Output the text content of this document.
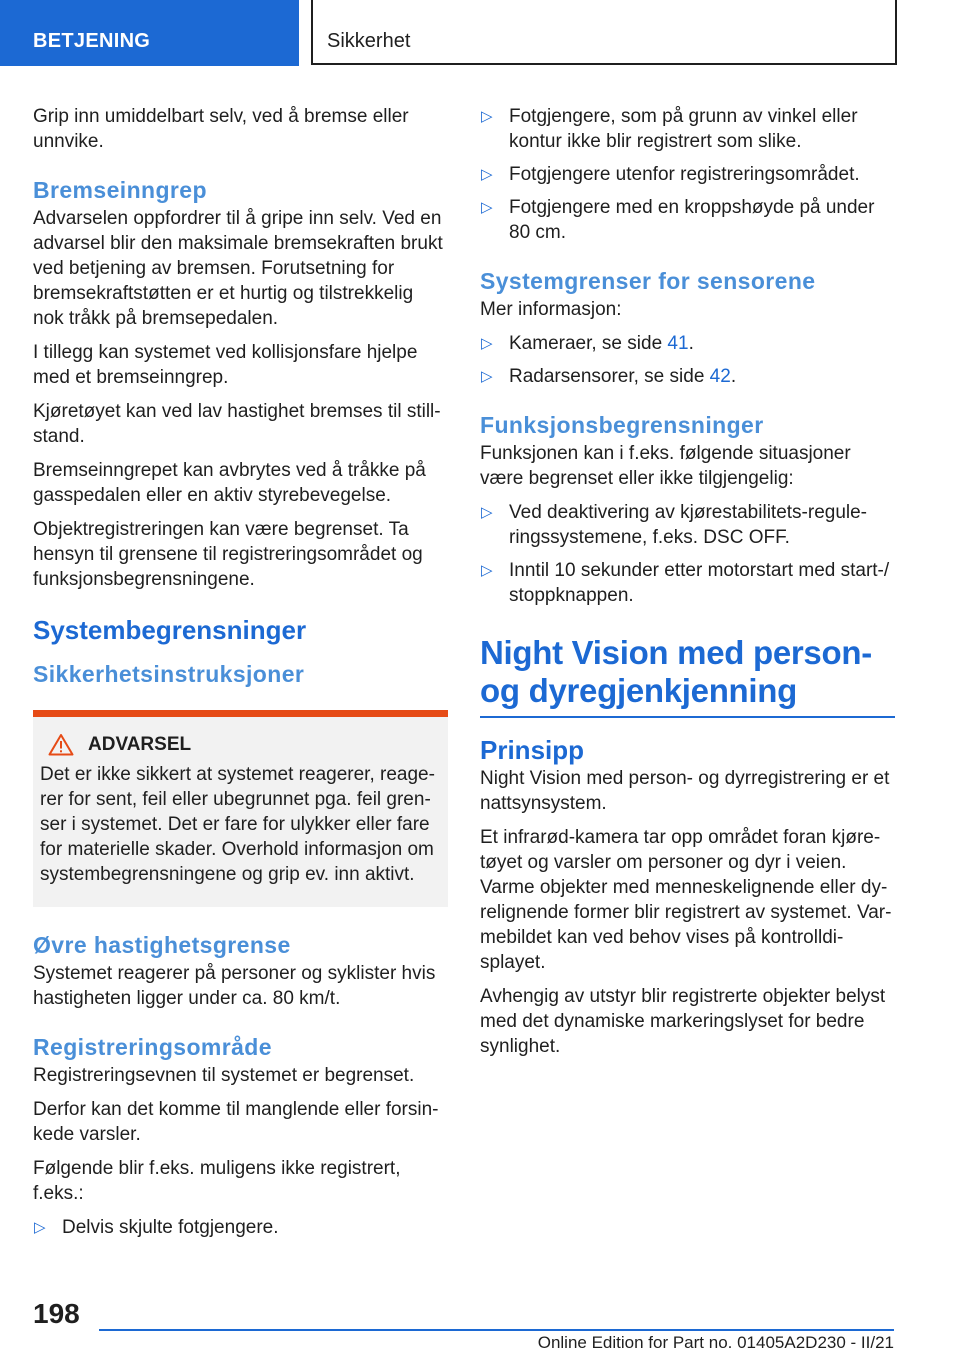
BETJENING	Sikkerhet

Grip inn umiddelbart selv, ved å bremse eller unnvike.

Bremseinngrep

Advarselen oppfordrer til å gripe inn selv. Ved en advarsel blir den maksimale bremsekraften brukt ved betjening av bremsen. Forutsetning for bremsekraftstøtten er et hurtig og tilstrekkelig nok tråkk på bremsepedalen.

I tillegg kan systemet ved kollisjonsfare hjelpe med et bremseinngrep.

Kjøretøyet kan ved lav hastighet bremses til still-stand.

Bremseinngrepet kan avbrytes ved å tråkke på gasspedalen eller en aktiv styrebevegelse.

Objektregistreringen kan være begrenset. Ta hensyn til grensene til registreringsområdet og funksjonsbegrensningene.

Systembegrensninger
Sikkerhetsinstruksjoner
ADVARSEL

Det er ikke sikkert at systemet reagerer, reage-rer for sent, feil eller ubegrunnet pga. feil gren-ser i systemet. Det er fare for ulykker eller fare for materielle skader. Overhold informasjon om systembegrensningene og grip ev. inn aktivt.

Øvre hastighetsgrense

Systemet reagerer på personer og syklister hvis hastigheten ligger under ca. 80 km/t.

Registreringsområde

Registreringsevnen til systemet er begrenset.

Derfor kan det komme til manglende eller forsin-kede varsler.

Følgende blir f.eks. muligens ikke registrert, f.eks.:

▷ Delvis skjulte fotgjengere.
▷ Fotgjengere, som på grunn av vinkel eller kontur ikke blir registrert som slike.
▷ Fotgjengere utenfor registreringsområdet.
▷ Fotgjengere med en kroppshøyde på under 80 cm.
Systemgrenser for sensorene

Mer informasjon:

▷ Kameraer, se side 41.
▷ Radarsensorer, se side 42.
Funksjonsbegrensninger

Funksjonen kan i f.eks. følgende situasjoner være begrenset eller ikke tilgjengelig:

▷ Ved deaktivering av kjørestabilitets-regule-ringssystemene, f.eks. DSC OFF.
▷ Inntil 10 sekunder etter motorstart med start-/ stoppknappen.
Night Vision med person-
og dyregjenkjenning
Prinsipp

Night Vision med person- og dyrregistrering er et nattsynsystem.

Et infrarød-kamera tar opp området foran kjøre-tøyet og varsler om personer og dyr i veien. Varme objekter med menneskelignende eller dy-relignende former blir registrert av systemet. Var-mebildet kan ved behov vises på kontrolldi-splayet.

Avhengig av utstyr blir registrerte objekter belyst med det dynamiske markeringslyset for bedre synlighet.

198
Online Edition for Part no. 01405A2D230 - II/21
